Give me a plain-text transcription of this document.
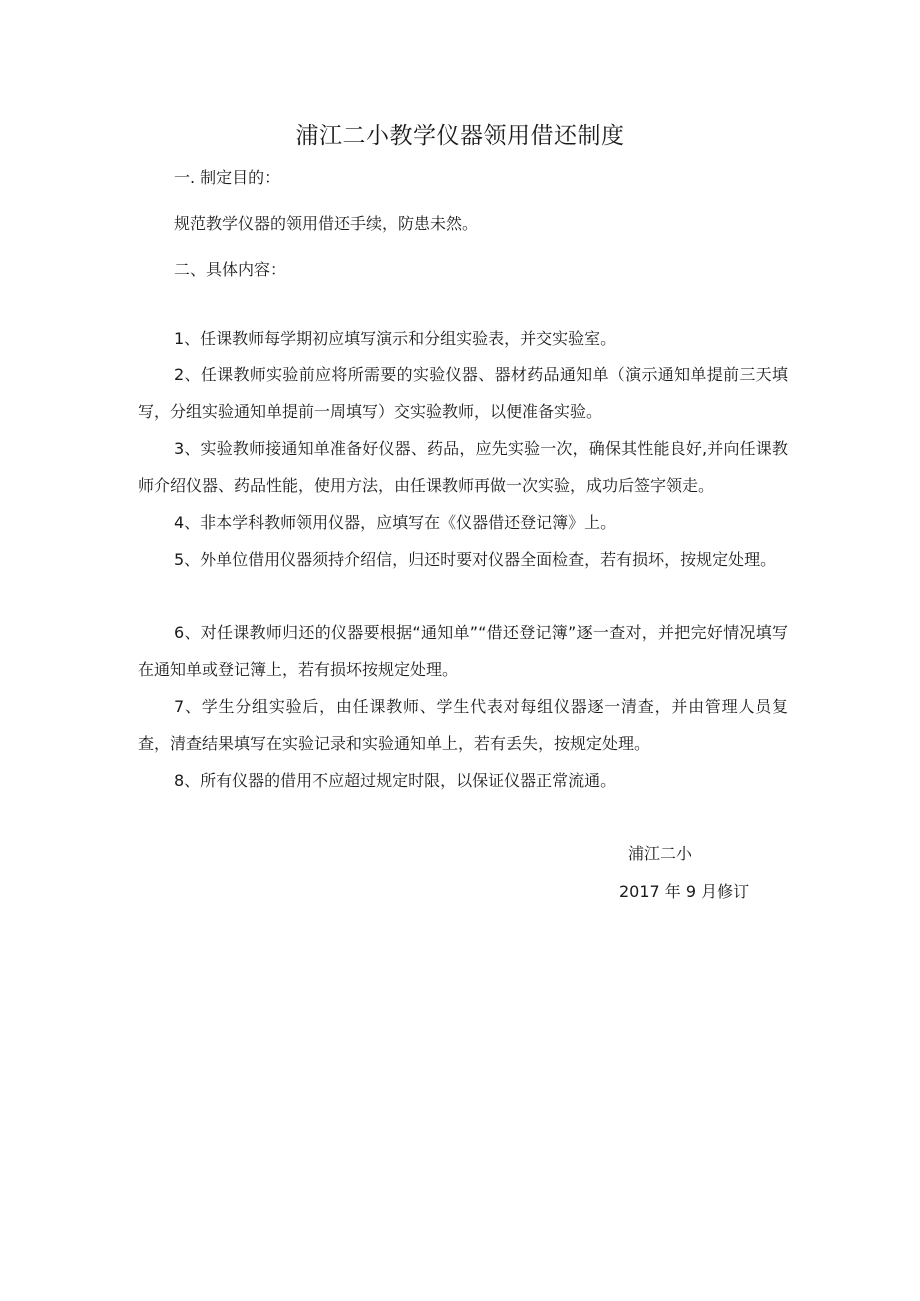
浦江二小教学仪器领用借还制度
一. 制定目的：
规范教学仪器的领用借还手续，防患未然。
二、具体内容：
1、任课教师每学期初应填写演示和分组实验表，并交实验室。
2、任课教师实验前应将所需要的实验仪器、器材药品通知单（演示通知单提前三天填写，分组实验通知单提前一周填写）交实验教师，以便准备实验。
3、实验教师接通知单准备好仪器、药品，应先实验一次，确保其性能良好,并向任课教师介绍仪器、药品性能，使用方法，由任课教师再做一次实验，成功后签字领走。
4、非本学科教师领用仪器，应填写在《仪器借还登记簿》上。
5、外单位借用仪器须持介绍信，归还时要对仪器全面检查，若有损坏，按规定处理。
6、对任课教师归还的仪器要根据“通知单”“借还登记簿”逐一查对，并把完好情况填写在通知单或登记簿上，若有损坏按规定处理。
7、学生分组实验后，由任课教师、学生代表对每组仪器逐一清查，并由管理人员复查，清查结果填写在实验记录和实验通知单上，若有丢失，按规定处理。
8、所有仪器的借用不应超过规定时限，以保证仪器正常流通。
浦江二小
2017 年 9 月修订
